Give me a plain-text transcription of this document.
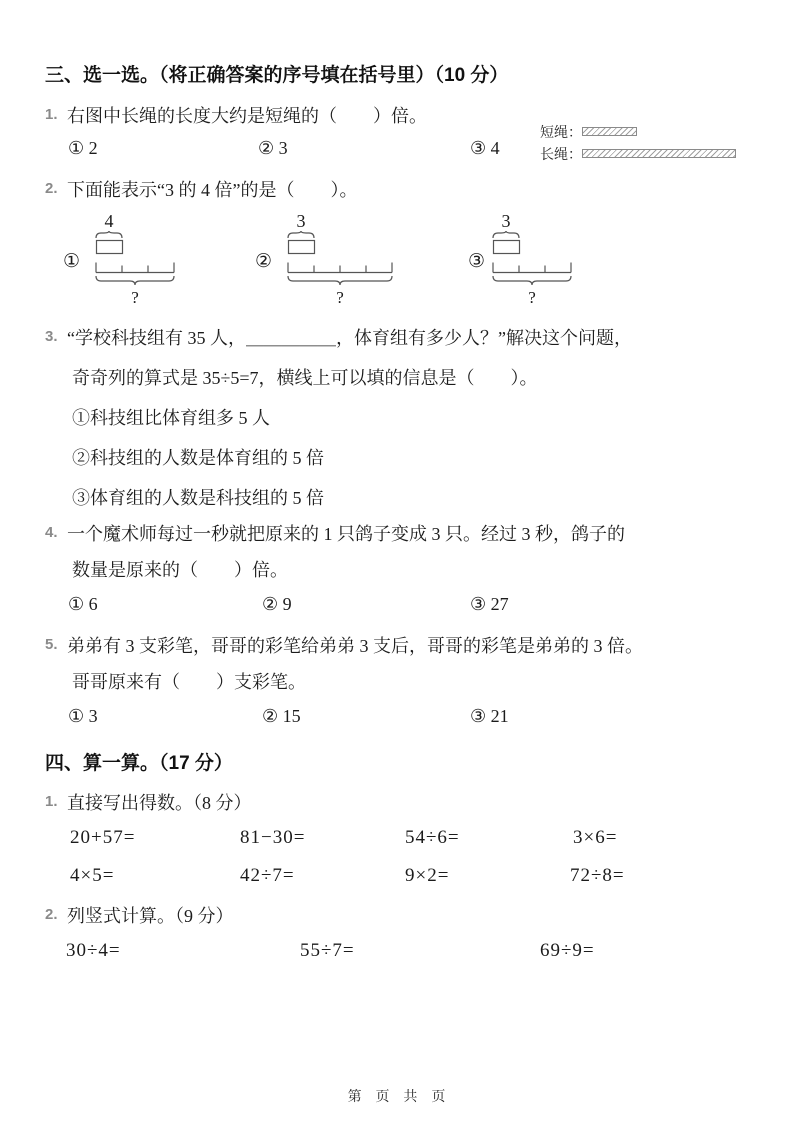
三、选一选。（将正确答案的序号填在括号里）（10 分）
1. 右图中长绳的长度大约是短绳的（　　）倍。
① 2	② 3	③ 4
短绳：
长绳：
2. 下面能表示“3 的 4 倍”的是（　　）。
①
4
?
②
3
?
③
3
?
3. “学校科技组有 35 人，＿＿＿＿＿，体育组有多少人？”解决这个问题，
奇奇列的算式是 35÷5=7，横线上可以填的信息是（　　）。
①科技组比体育组多 5 人
②科技组的人数是体育组的 5 倍
③体育组的人数是科技组的 5 倍
4. 一个魔术师每过一秒就把原来的 1 只鸽子变成 3 只。经过 3 秒，鸽子的
数量是原来的（　　）倍。
① 6	② 9	③ 27
5. 弟弟有 3 支彩笔，哥哥的彩笔给弟弟 3 支后，哥哥的彩笔是弟弟的 3 倍。
哥哥原来有（　　）支彩笔。
① 3	② 15	③ 21
四、算一算。（17 分）
1. 直接写出得数。（8 分）
20+57=	81−30=	54÷6=	3×6=
4×5=	42÷7=	9×2=	72÷8=
2. 列竖式计算。（9 分）
30÷4=	55÷7=	69÷9=
第 页 共 页
